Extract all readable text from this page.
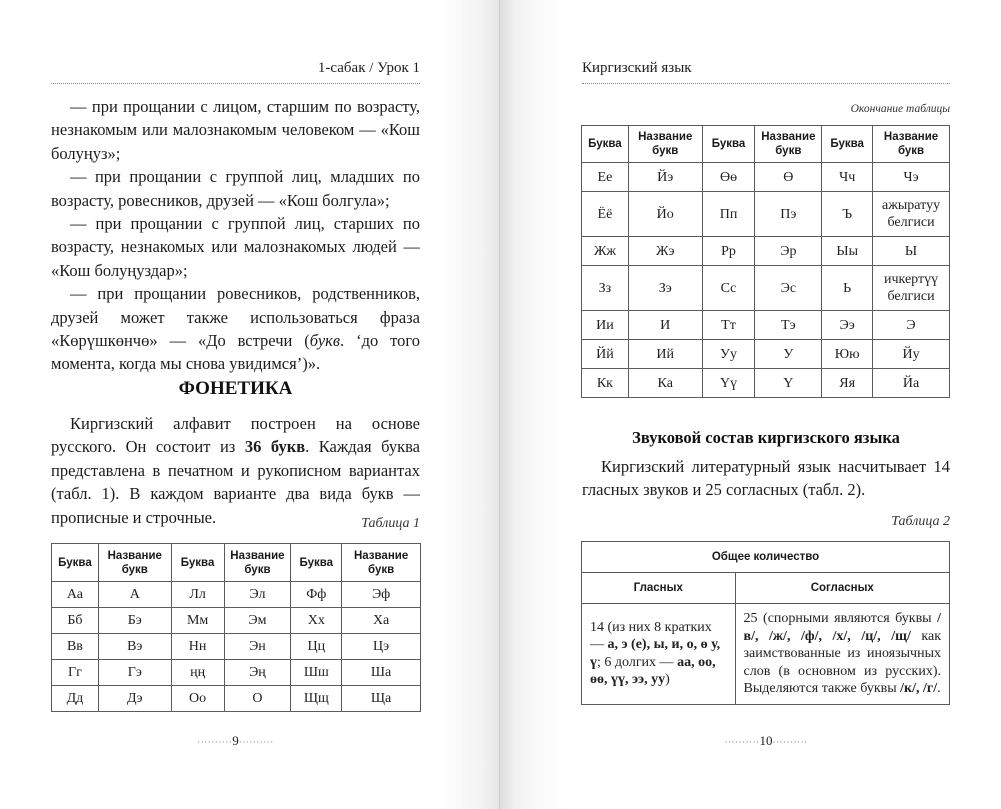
1-сабак / Урок 1

— при прощании с лицом, старшим по возрасту, незнакомым или малознакомым человеком — «Кош болуңуз»;

— при прощании с группой лиц, младших по возрасту, ровесников, друзей — «Кош болгула»;

— при прощании с группой лиц, старших по возрасту, незнакомых или малознакомых людей — «Кош болуңуздар»;

— при прощании ровесников, родственников, друзей может также использоваться фраза «Көрүшкөнчө» — «До встречи (букв. ‘до того момента, когда мы снова увидимся’)».

ФОНЕТИКА

Киргизский алфавит построен на основе русского. Он состоит из 36 букв. Каждая буква представлена в печатном и рукописном вариантах (табл. 1). В каждом варианте два вида букв — прописные и строчные.	Таблица 1
Буква	Название букв	Буква	Название букв	Буква	Название букв
Аа	А	Лл	Эл	Фф	Эф
Бб	Бэ	Мм	Эм	Хх	Ха
Вв	Вэ	Нн	Эн	Цц	Цэ
Гг	Гэ	ңң	Эң	Шш	Ша
Дд	Дэ	Оо	О	Щщ	Ща
··········9··········
Киргизский язык
Окончание таблицы
Буква	Название букв	Буква	Название букв	Буква	Название букв
Ее	Йэ	Өө	Ө	Чч	Чэ
Ёё	Йо	Пп	Пэ	Ъ	ажыратуу белгиси
Жж	Жэ	Рр	Эр	Ыы	Ы
Зз	Зэ	Сс	Эс	Ь	ичкертүү белгиси
Ии	И	Тт	Тэ	Ээ	Э
Йй	Ий	Уу	У	Юю	Йу
Кк	Ка	Үү	Ү	Яя	Йа
Звуковой состав киргизского языка

Киргизский литературный язык насчитывает 14 гласных звуков и 25 согласных (табл. 2).

Таблица 2
Общее количество	
Гласных	Согласных
14 (из них 8 кратких — а, э (е), ы, и, о, ө у, ү; 6 долгих — аа, оо, өө, үү, ээ, уу)	25 (спорными являются буквы /в/, /ж/, /ф/, /х/, /ц/, /щ/ как заимствованные из иноязычных слов (в основном из русских). Выделяются также буквы /к/, /г/.
··········10··········
